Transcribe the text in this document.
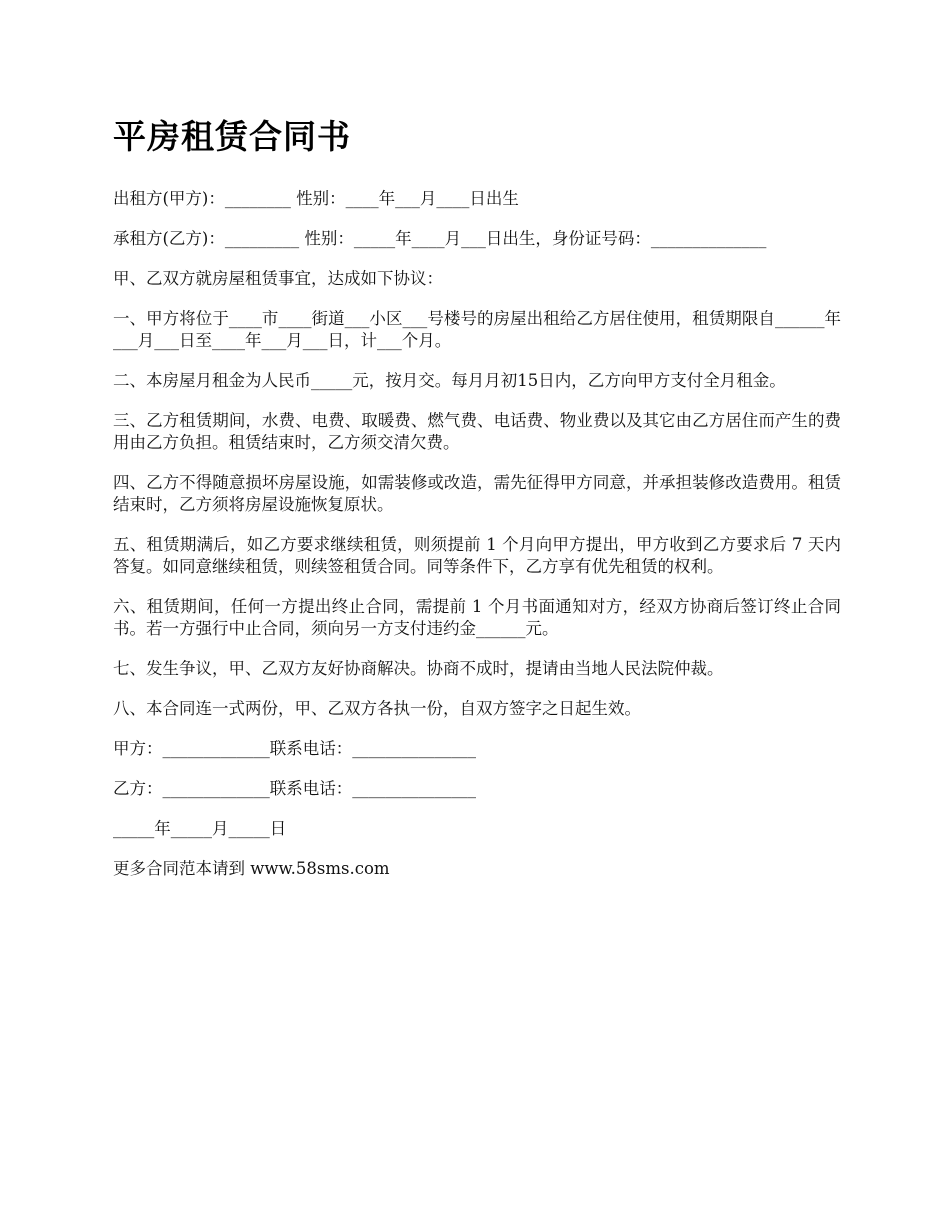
平房租赁合同书

出租方(甲方)：________ 性别：____年___月____日出生

承租方(乙方)：_________ 性别：_____年____月___日出生，身份证号码：______________

甲、乙双方就房屋租赁事宜，达成如下协议：

一、甲方将位于____市____街道___小区___号楼号的房屋出租给乙方居住使用，租赁期限自______年___月___日至____年___月___日，计___个月。

二、本房屋月租金为人民币_____元，按月交。每月月初15日内，乙方向甲方支付全月租金。

三、乙方租赁期间，水费、电费、取暖费、燃气费、电话费、物业费以及其它由乙方居住而产生的费用由乙方负担。租赁结束时，乙方须交清欠费。

四、乙方不得随意损坏房屋设施，如需装修或改造，需先征得甲方同意，并承担装修改造费用。租赁结束时，乙方须将房屋设施恢复原状。

五、租赁期满后，如乙方要求继续租赁，则须提前 1 个月向甲方提出，甲方收到乙方要求后 7 天内答复。如同意继续租赁，则续签租赁合同。同等条件下，乙方享有优先租赁的权利。

六、租赁期间，任何一方提出终止合同，需提前 1 个月书面通知对方，经双方协商后签订终止合同书。若一方强行中止合同，须向另一方支付违约金______元。

七、发生争议，甲、乙双方友好协商解决。协商不成时，提请由当地人民法院仲裁。

八、本合同连一式两份，甲、乙双方各执一份，自双方签字之日起生效。

甲方：_____________联系电话：_______________

乙方：_____________联系电话：_______________

_____年_____月_____日

更多合同范本请到 www.58sms.com
